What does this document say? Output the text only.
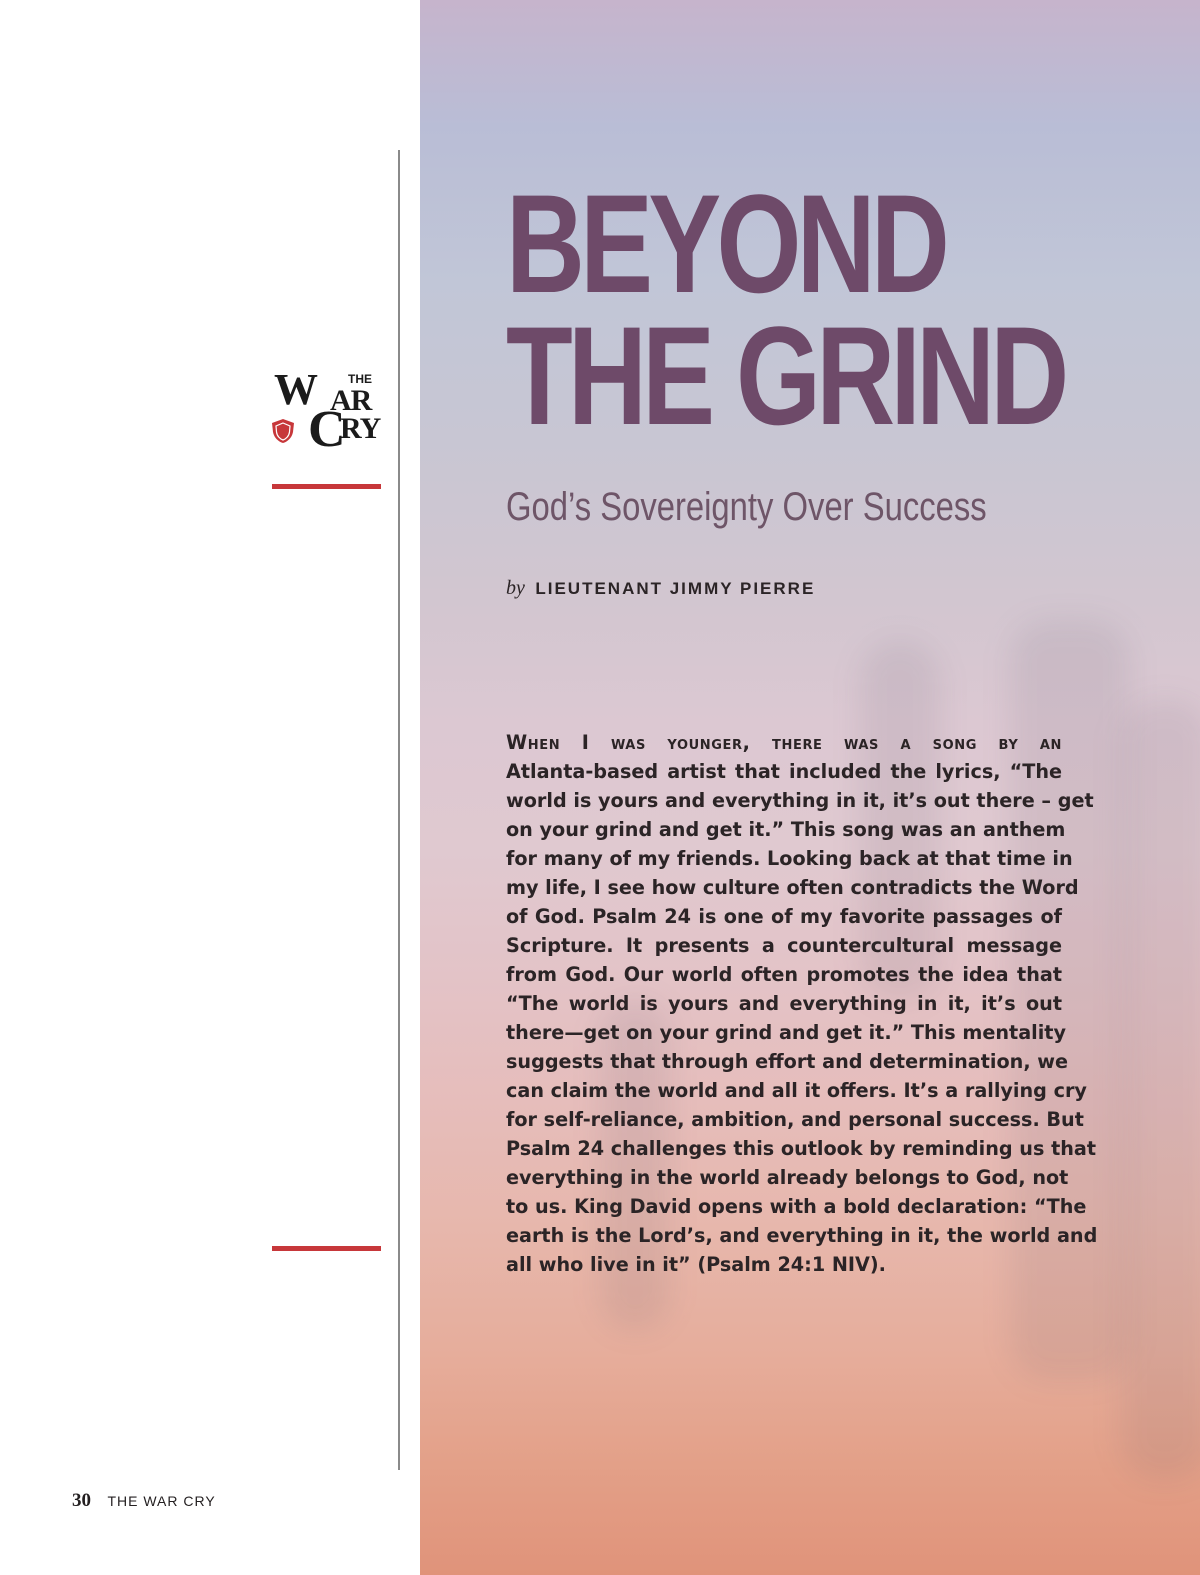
W	THE
AR
C
RY
30 THE WAR CRY
BEYOND
THE GRIND
God’s Sovereignty Over Success
by LIEUTENANT JIMMY PIERRE
When I was younger, there was a song by an
Atlanta-based artist that included the lyrics, “The
world is yours and everything in it, it’s out there – get
on your grind and get it.” This song was an anthem
for many of my friends. Looking back at that time in
my life, I see how culture often contradicts the Word
of God. Psalm 24 is one of my favorite passages of
Scripture. It presents a countercultural message
from God. Our world often promotes the idea that
“The world is yours and everything in it, it’s out
there—get on your grind and get it.” This mentality
suggests that through effort and determination, we
can claim the world and all it offers. It’s a rallying cry
for self-reliance, ambition, and personal success. But
Psalm 24 challenges this outlook by reminding us that
everything in the world already belongs to God, not
to us. King David opens with a bold declaration: “The
earth is the Lord’s, and everything in it, the world and
all who live in it” (Psalm 24:1 NIV).
